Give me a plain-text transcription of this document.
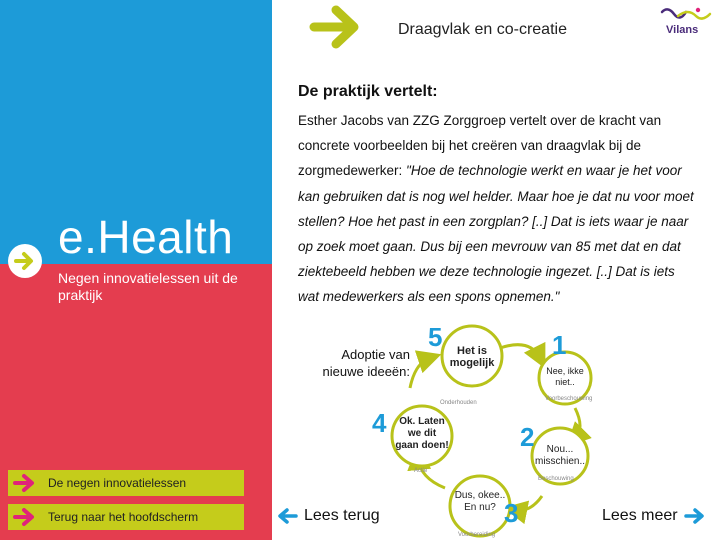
e.Health
Negen innovatielessen uit de praktijk
De negen innovatielessen
Terug naar het hoofdscherm
Draagvlak en co-creatie	Vilans
De praktijk vertelt:
Esther Jacobs van ZZG Zorggroep vertelt over de kracht van concrete voorbeelden bij het creëren van draagvlak bij de zorgmedewerker: "Hoe de technologie werkt en waar je het voor kan gebruiken dat is nog wel helder. Maar hoe je dat nu voor moet stellen? Hoe het past in een zorgplan? [..] Dat is iets waar je naar op zoek moet gaan. Dus bij een mevrouw van 85 met dat en dat ziektebeeld hebben we deze technologie ingezet. [..] Dat is iets wat medewerkers als een spons opnemen."
Adoptie van nieuwe ideeën:
5	Het is mogelijk
Onderhouden
1
Nee, ikke niet..
Voorbeschouwing
2	Nou... misschien..
Beschouwing
3
Dus, okee.. En nu?
Voorbereiding
4	Ok. Laten we dit gaan doen!
Actie
Lees terug	Lees meer
